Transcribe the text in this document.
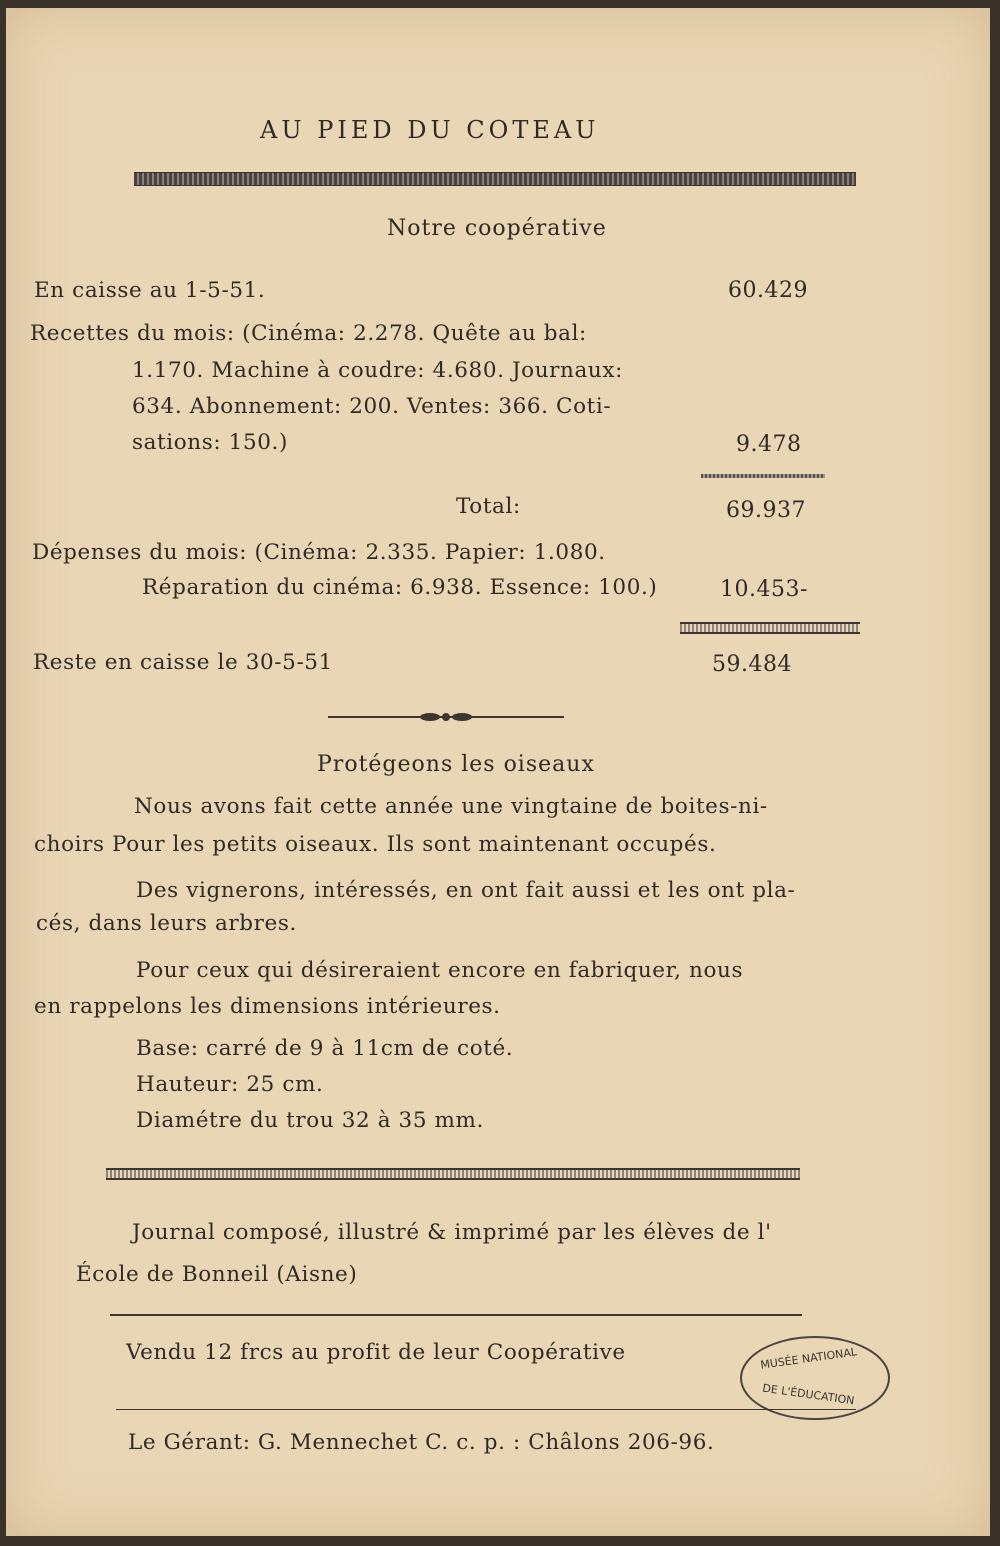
AU PIED DU COTEAU
Notre coopérative
En caisse au 1-5-51.	60.429
Recettes du mois: (Cinéma: 2.278. Quête au bal:
1.170. Machine à coudre: 4.680. Journaux:
634. Abonnement: 200. Ventes: 366. Coti-
sations: 150.)	9.478
Total:	69.937
Dépenses du mois: (Cinéma: 2.335. Papier: 1.080.
Réparation du cinéma: 6.938. Essence: 100.)	10.453-
Reste en caisse le 30-5-51	59.484
Protégeons les oiseaux
Nous avons fait cette année une vingtaine de boites-ni-
choirs Pour les petits oiseaux. Ils sont maintenant occupés.
Des vignerons, intéressés, en ont fait aussi et les ont pla-
cés, dans leurs arbres.
Pour ceux qui désireraient encore en fabriquer, nous
en rappelons les dimensions intérieures.
Base: carré de 9 à 11cm de coté.
Hauteur: 25 cm.
Diamétre du trou 32 à 35 mm.
Journal composé, illustré & imprimé par les élèves de l'
École de Bonneil (Aisne)
Vendu 12 frcs au profit de leur Coopérative	MUSÉE NATIONAL
DE L'ÉDUCATION
Le Gérant: G. Mennechet C. c. p. : Châlons 206-96.
